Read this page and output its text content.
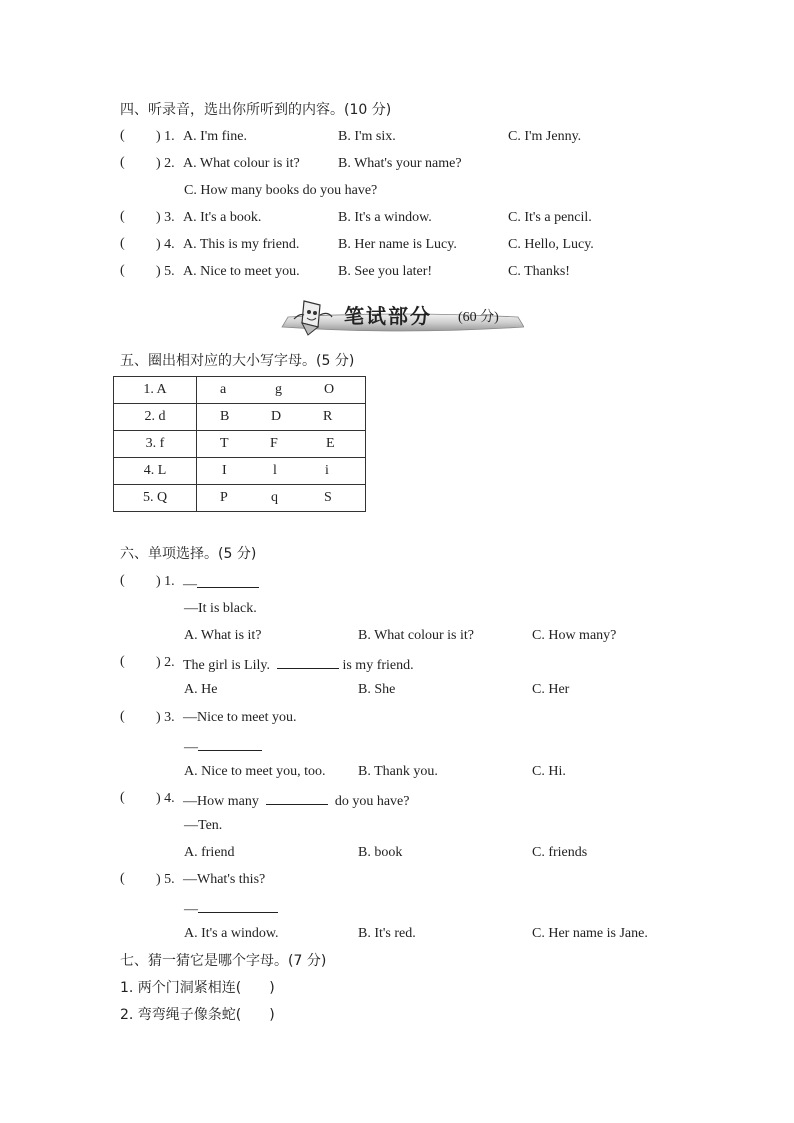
四、听录音，选出你所听到的内容。(10 分)
( ) 1. A. I'm fine.	B. I'm six.	C. I'm Jenny.
( ) 2. A. What colour is it?	B. What's your name?
C. How many books do you have?
( ) 3. A. It's a book.	B. It's a window.	C. It's a pencil.
( ) 4. A. This is my friend.	B. Her name is Lucy.	C. Hello, Lucy.
( ) 5. A. Nice to meet you.	B. See you later!	C. Thanks!
笔试部分 (60 分)
五、圈出相对应的大小写字母。(5 分)
1. A	a g O

2. d	B D R

3. f	T F E

4. L	I l i

5. Q	P q S
六、单项选择。(5 分)
( ) 1. —
—It is black.
A. What is it?	B. What colour is it?	C. How many?
( ) 2. The girl is Lily.	is my friend.
A. He	B. She	C. Her
( ) 3. —Nice to meet you.
—
A. Nice to meet you, too. B. Thank you.	C. Hi.
( ) 4. —How many	do you have?
—Ten.
A. friend	B. book	C. friends
( ) 5. —What's this?
—
A. It's a window.	B. It's red.	C. Her name is Jane.
七、猜一猜它是哪个字母。(7 分)
1. 两个门洞紧相连( )
2. 弯弯绳子像条蛇( )
